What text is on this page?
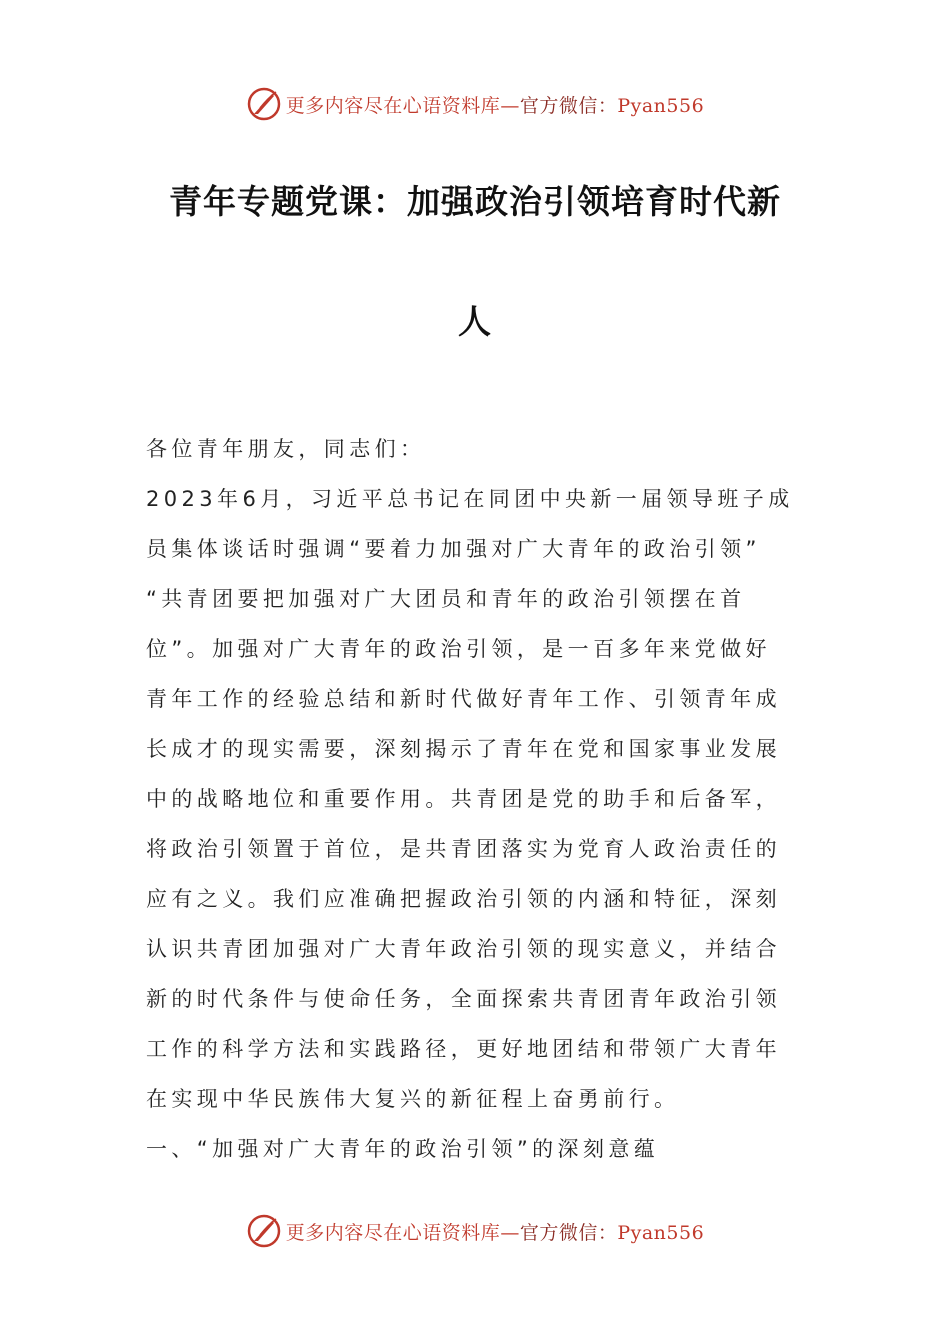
更多内容尽在心语资料库—官方微信：Pyan556
青年专题党课：加强政治引领培育时代新
人
各位青年朋友，同志们：
2023年6月，习近平总书记在同团中央新一届领导班子成
员集体谈话时强调“要着力加强对广大青年的政治引领”
“共青团要把加强对广大团员和青年的政治引领摆在首
位”。加强对广大青年的政治引领，是一百多年来党做好
青年工作的经验总结和新时代做好青年工作、引领青年成
长成才的现实需要，深刻揭示了青年在党和国家事业发展
中的战略地位和重要作用。共青团是党的助手和后备军，
将政治引领置于首位，是共青团落实为党育人政治责任的
应有之义。我们应准确把握政治引领的内涵和特征，深刻
认识共青团加强对广大青年政治引领的现实意义，并结合
新的时代条件与使命任务，全面探索共青团青年政治引领
工作的科学方法和实践路径，更好地团结和带领广大青年
在实现中华民族伟大复兴的新征程上奋勇前行。
一、“加强对广大青年的政治引领”的深刻意蕴
更多内容尽在心语资料库—官方微信：Pyan556
